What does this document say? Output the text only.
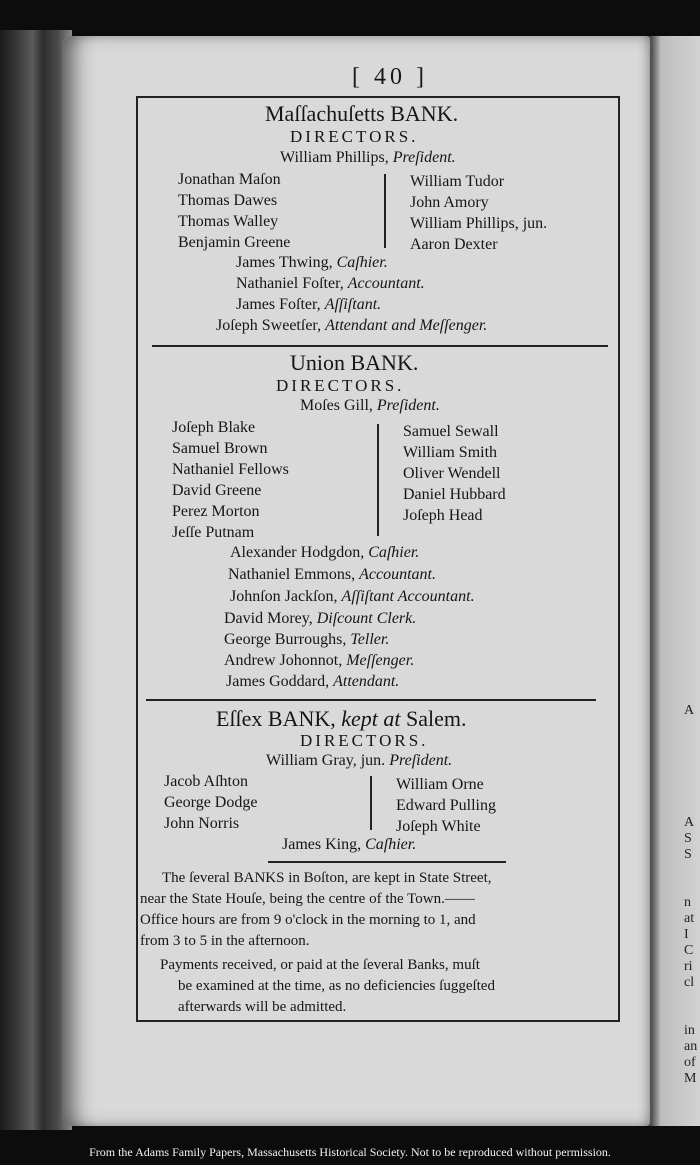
A
A
S
S
n
at
I
C
ri
cl
in
an
of
M
[ 40 ]
Maſſachuſetts BANK.
DIRECTORS.
William Phillips, Preſident.
Jonathan Maſon
Thomas Dawes
Thomas Walley
Benjamin Greene
William Tudor
John Amory
William Phillips, jun.
Aaron Dexter
James Thwing, Caſhier.
Nathaniel Foſter, Accountant.
James Foſter, Aſſiſtant.
Joſeph Sweetſer, Attendant and Meſſenger.
Union BANK.
DIRECTORS.
Moſes Gill, Preſident.
Joſeph Blake
Samuel Brown
Nathaniel Fellows
David Greene
Perez Morton
Jeſſe Putnam
Samuel Sewall
William Smith
Oliver Wendell
Daniel Hubbard
Joſeph Head
Alexander Hodgdon, Caſhier.
Nathaniel Emmons, Accountant.
Johnſon Jackſon, Aſſiſtant Accountant.
David Morey, Diſcount Clerk.
George Burroughs, Teller.
Andrew Johonnot, Meſſenger.
James Goddard, Attendant.
Eſſex BANK, kept at Salem.
DIRECTORS.
William Gray, jun. Preſident.
Jacob Aſhton
George Dodge
John Norris
William Orne
Edward Pulling
Joſeph White
James King, Caſhier.
The ſeveral BANKS in Boſton, are kept in State Street,
near the State Houſe, being the centre of the Town.——
Office hours are from 9 o'clock in the morning to 1, and
from 3 to 5 in the afternoon.
Payments received, or paid at the ſeveral Banks, muſt
be examined at the time, as no deficiencies ſuggeſted
afterwards will be admitted.
From the Adams Family Papers, Massachusetts Historical Society. Not to be reproduced without permission.
